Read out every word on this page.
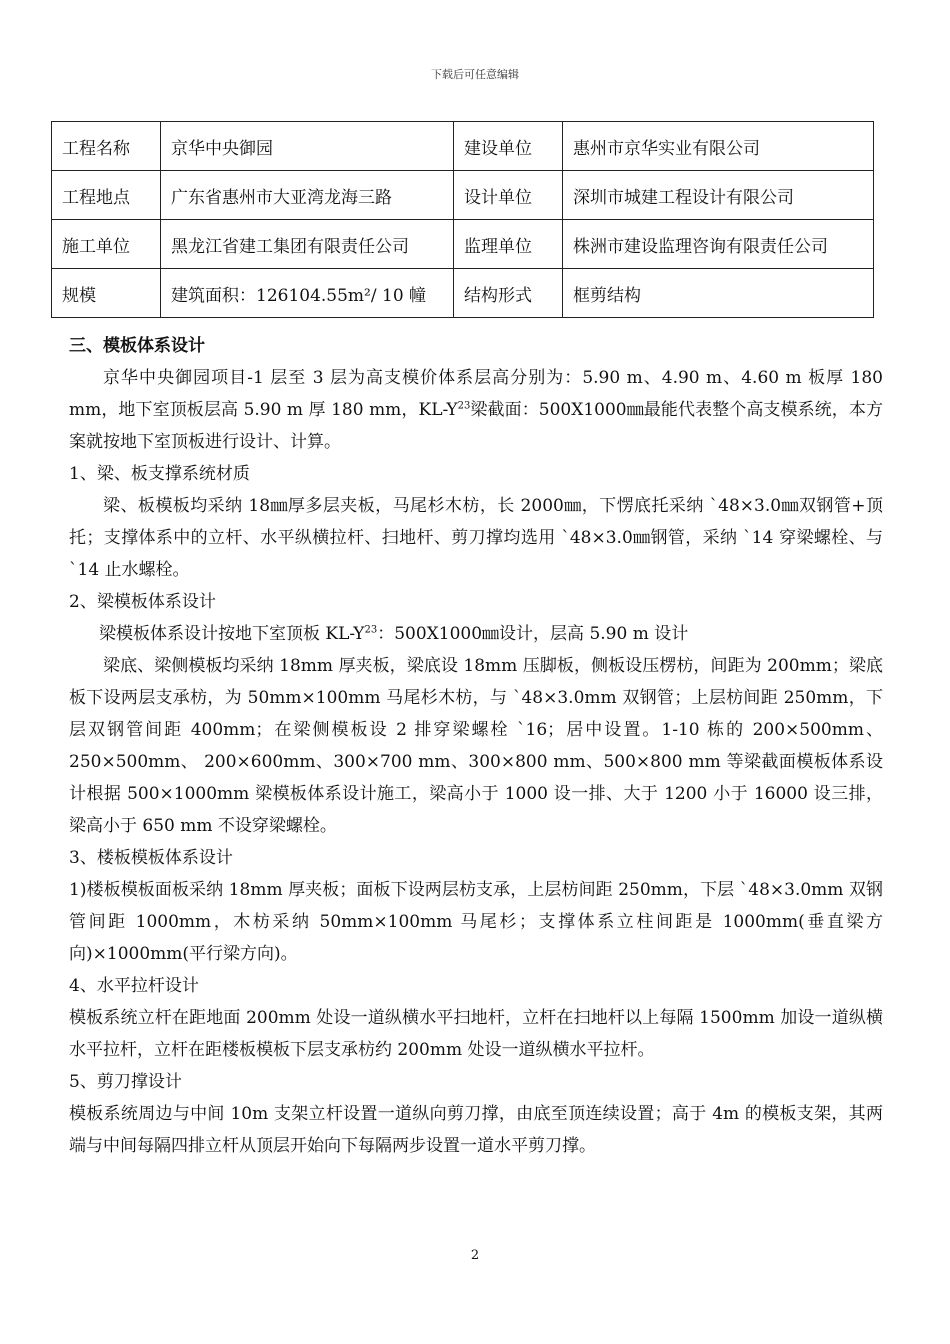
下载后可任意编辑
工程名称	京华中央御园	建设单位	惠州市京华实业有限公司
工程地点	广东省惠州市大亚湾龙海三路	设计单位	深圳市城建工程设计有限公司
施工单位	黑龙江省建工集团有限责任公司	监理单位	株洲市建设监理咨询有限责任公司
规模	建筑面积：126104.55m²/ 10 幢	结构形式	框剪结构

三、模板体系设计

京华中央御园项目-1 层至 3 层为高支模价体系层高分别为：5.90 m、4.90 m、4.60 m 板厚 180 mm，地下室顶板层高 5.90 m 厚 180 mm，$KL-Y^{23}$梁截面：500X1000㎜最能代表整个高支模系统，本方案就按地下室顶板进行设计、计算。

1、梁、板支撑系统材质

梁、板模板均采纳 18㎜厚多层夹板，马尾杉木枋，长 2000㎜，下愣底托采纳 `48×3.0㎜双钢管+顶托；支撑体系中的立杆、水平纵横拉杆、扫地杆、剪刀撑均选用 `48×3.0㎜钢管，采纳 `14 穿梁螺栓、与 `14 止水螺栓。

2、梁模板体系设计

梁模板体系设计按地下室顶板 $KL-Y^{23}$：500X1000㎜设计，层高 5.90 m 设计

梁底、梁侧模板均采纳 18mm 厚夹板，梁底设 18mm 压脚板，侧板设压楞枋，间距为 200mm；梁底板下设两层支承枋，为 50mm×100mm 马尾杉木枋，与 `48×3.0mm 双钢管；上层枋间距 250mm，下层双钢管间距 400mm；在梁侧模板设 2 排穿梁螺栓 `16；居中设置。1-10 栋的 200×500mm、250×500mm、 200×600mm、300×700 mm、300×800 mm、500×800 mm 等梁截面模板体系设计根据 500×1000mm 梁模板体系设计施工，梁高小于 1000 设一排、大于 1200 小于 16000 设三排，梁高小于 650 mm 不设穿梁螺栓。

3、楼板模板体系设计

1)楼板模板面板采纳 18mm 厚夹板；面板下设两层枋支承，上层枋间距 250mm，下层 `48×3.0mm 双钢管间距 1000mm，木枋采纳 50mm×100mm 马尾杉；支撑体系立柱间距是 1000mm(垂直梁方向)×1000mm(平行梁方向)。

4、水平拉杆设计

模板系统立杆在距地面 200mm 处设一道纵横水平扫地杆，立杆在扫地杆以上每隔 1500mm 加设一道纵横水平拉杆，立杆在距楼板模板下层支承枋约 200mm 处设一道纵横水平拉杆。

5、剪刀撑设计

模板系统周边与中间 10m 支架立杆设置一道纵向剪刀撑，由底至顶连续设置；高于 4m 的模板支架，其两端与中间每隔四排立杆从顶层开始向下每隔两步设置一道水平剪刀撑。

2
